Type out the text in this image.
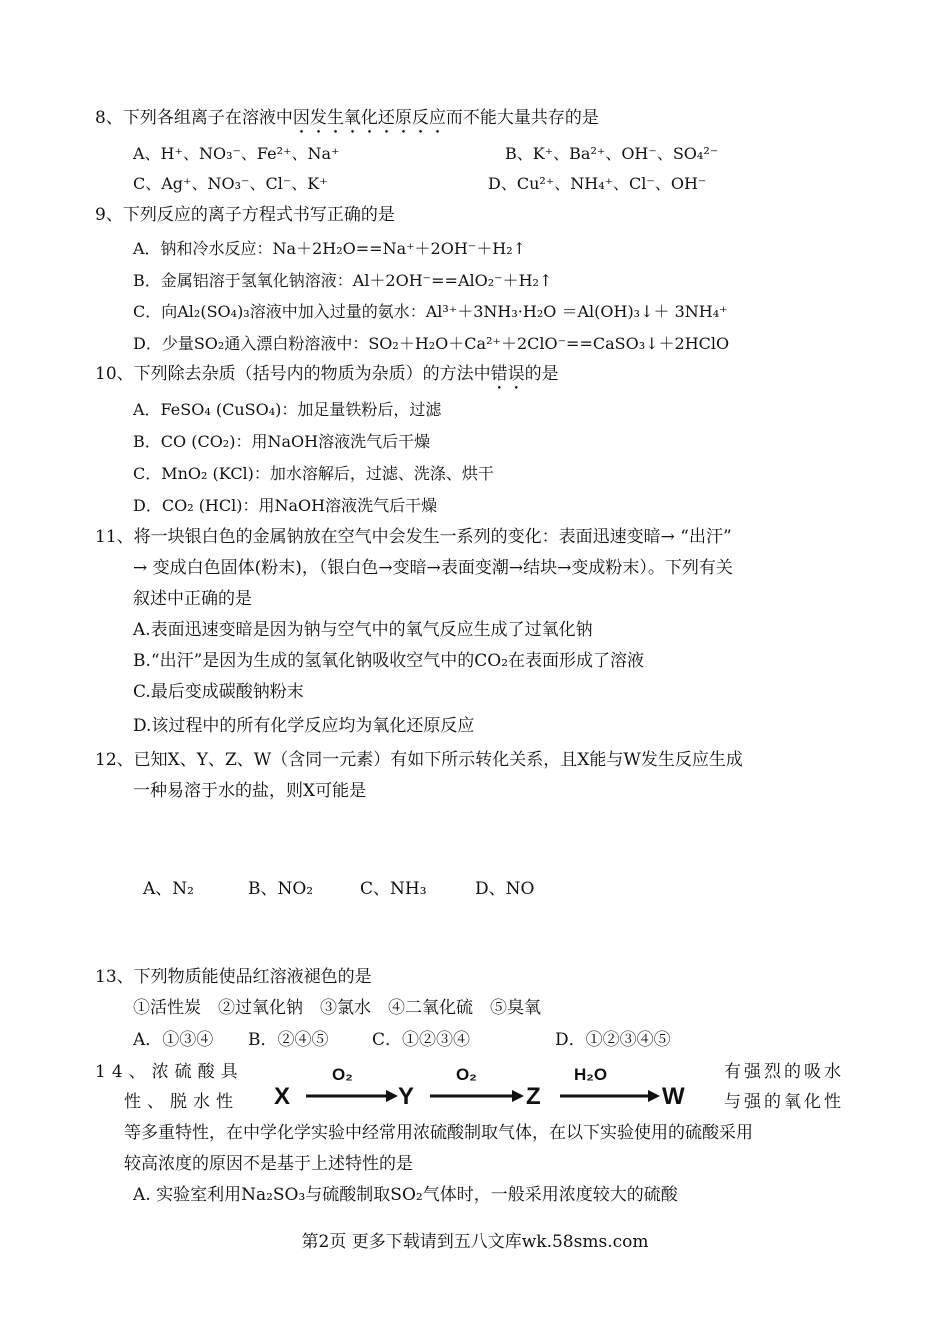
8、下列各组离子在溶液中因发生氧化还原反应而不能大量共存的是
A、H⁺、NO₃⁻、Fe²⁺、Na⁺	B、K⁺、Ba²⁺、OH⁻、SO₄²⁻
C、Ag⁺、NO₃⁻、Cl⁻、K⁺	D、Cu²⁺、NH₄⁺、Cl⁻、OH⁻
9、下列反应的离子方程式书写正确的是
A．钠和冷水反应：Na＋2H₂O==Na⁺＋2OH⁻＋H₂↑
B．金属铝溶于氢氧化钠溶液：Al＋2OH⁻==AlO₂⁻＋H₂↑
C．向Al₂(SO₄)₃溶液中加入过量的氨水：Al³⁺＋3NH₃·H₂O ＝Al(OH)₃↓＋ 3NH₄⁺
D．少量SO₂通入漂白粉溶液中：SO₂＋H₂O＋Ca²⁺＋2ClO⁻==CaSO₃↓＋2HClO
10、下列除去杂质（括号内的物质为杂质）的方法中错误的是
A．FeSO₄ (CuSO₄)：加足量铁粉后，过滤
B．CO (CO₂)：用NaOH溶液洗气后干燥
C．MnO₂ (KCl)：加水溶解后，过滤、洗涤、烘干
D．CO₂ (HCl)：用NaOH溶液洗气后干燥
11、将一块银白色的金属钠放在空气中会发生一系列的变化：表面迅速变暗→ “出汗”
→ 变成白色固体(粉末)，（银白色→变暗→表面变潮→结块→变成粉末）。下列有关
叙述中正确的是
A.表面迅速变暗是因为钠与空气中的氧气反应生成了过氧化钠
B.“出汗”是因为生成的氢氧化钠吸收空气中的CO₂在表面形成了溶液
C.最后变成碳酸钠粉末
D.该过程中的所有化学反应均为氧化还原反应
12、已知X、Y、Z、W（含同一元素）有如下所示转化关系，且X能与W发生反应生成
一种易溶于水的盐，则X可能是
A、N₂	B、NO₂	C、NH₃	D、NO
13、下列物质能使品红溶液褪色的是
①活性炭　②过氧化钠　③氯水　④二氧化硫　⑤臭氧
A．①③④ B．②④⑤	C．①②③④	D．①②③④⑤
14、浓硫酸具	有强烈的吸水
性、脱水性	与强的氧化性
X
O₂
Y
O₂
Z
H₂O
W
等多重特性，在中学化学实验中经常用浓硫酸制取气体，在以下实验使用的硫酸采用
较高浓度的原因不是基于上述特性的是
A. 实验室利用Na₂SO₃与硫酸制取SO₂气体时，一般采用浓度较大的硫酸
第2页 更多下载请到五八文库wk.58sms.com
